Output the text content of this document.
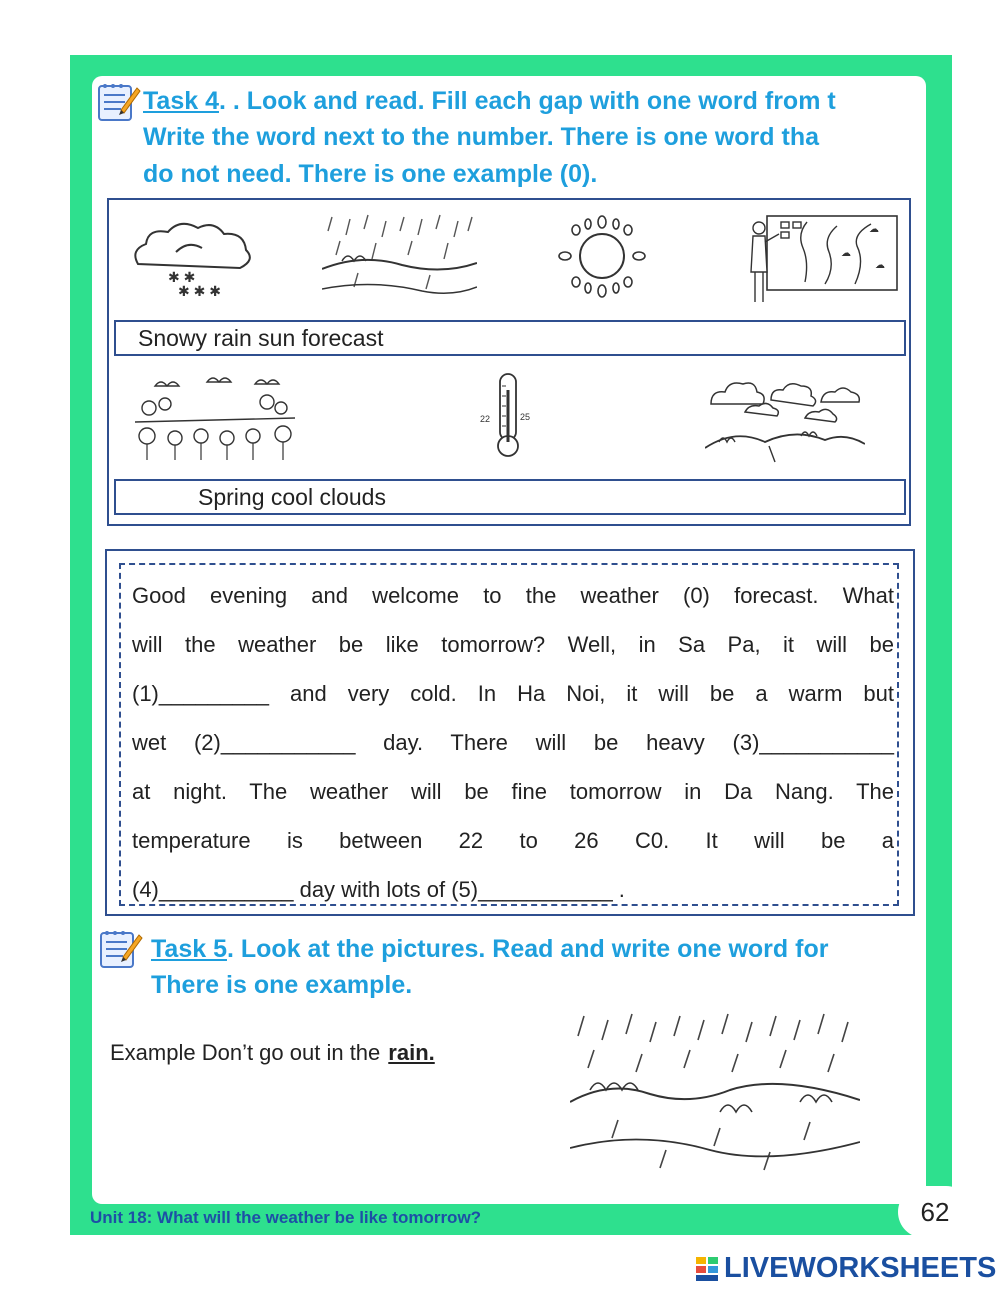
Task 4. . Look and read. Fill each gap with one word from t
Write the word next to the number. There is one word tha
do not need. There is one example (0).
✱ ✱
✱ ✱ ✱
☁
☁
☁
Snowy rain sun forecast
22	25
Spring cool clouds
Good evening and welcome to the weather (0) forecast. What
will the weather be like tomorrow? Well, in Sa Pa, it will be
(1)_________ and very cold. In Ha Noi, it will be a warm but
wet (2)___________ day. There will be heavy (3)___________
at night. The weather will be fine tomorrow in Da Nang. The
temperature is between 22 to 26 C0. It will be a
(4)___________ day with lots of (5)___________ .
Task 5. Look at the pictures. Read and write one word for
There is one example.
Example Don’t go out in the rain.
Unit 18: What will the weather be like tomorrow?	62
LIVEWORKSHEETS
